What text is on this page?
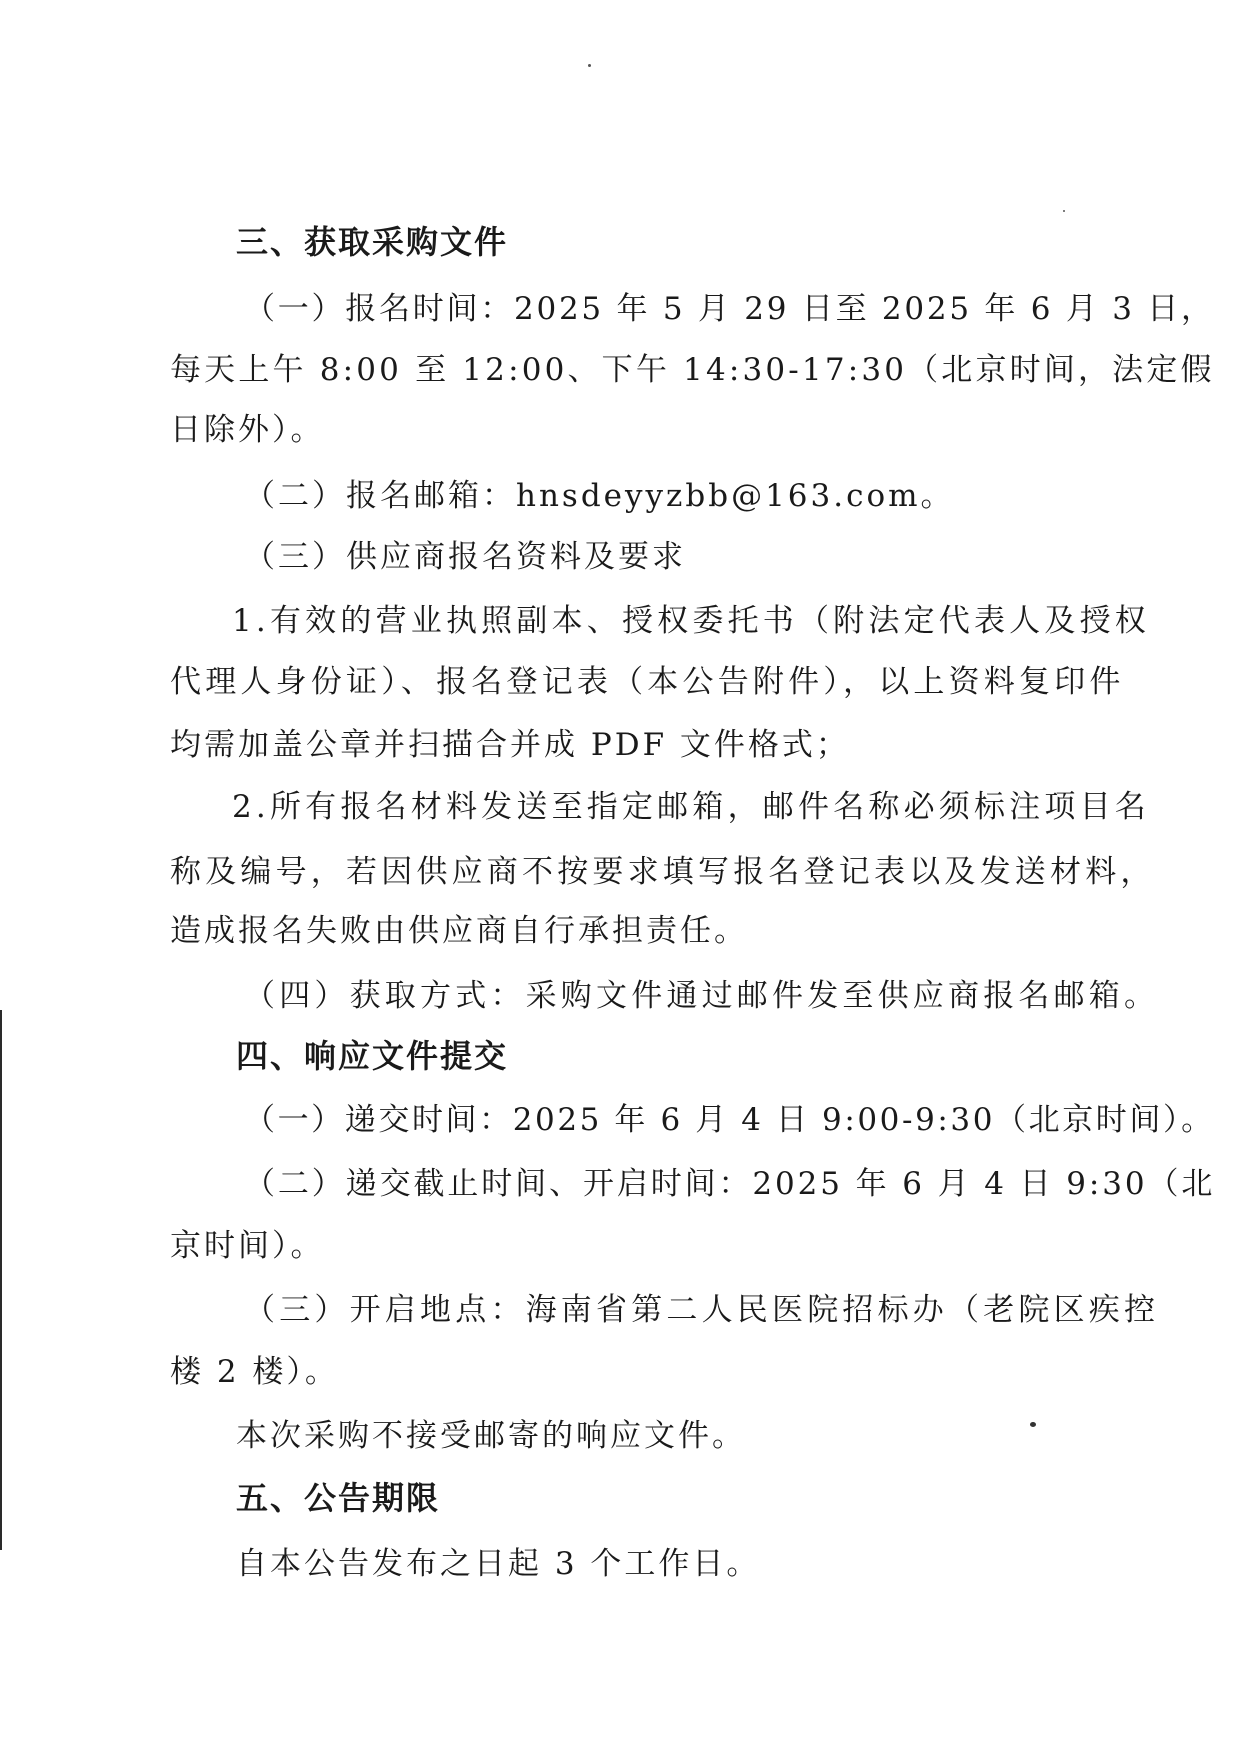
三、获取采购文件
（一）报名时间：2025 年 5 月 29 日至 2025 年 6 月 3 日，
每天上午 8:00 至 12:00、下午 14:30-17:30（北京时间，法定假
日除外）。
（二）报名邮箱：hnsdeyyzbb@163.com。
（三）供应商报名资料及要求
1.有效的营业执照副本、授权委托书（附法定代表人及授权
代理人身份证）、报名登记表（本公告附件），以上资料复印件
均需加盖公章并扫描合并成 PDF 文件格式；
2.所有报名材料发送至指定邮箱，邮件名称必须标注项目名
称及编号，若因供应商不按要求填写报名登记表以及发送材料，
造成报名失败由供应商自行承担责任。
（四）获取方式：采购文件通过邮件发至供应商报名邮箱。
四、响应文件提交
（一）递交时间：2025 年 6 月 4 日 9:00-9:30（北京时间）。
（二）递交截止时间、开启时间：2025 年 6 月 4 日 9:30（北
京时间）。
（三）开启地点：海南省第二人民医院招标办（老院区疾控
楼 2 楼）。
本次采购不接受邮寄的响应文件。
五、公告期限
自本公告发布之日起 3 个工作日。
